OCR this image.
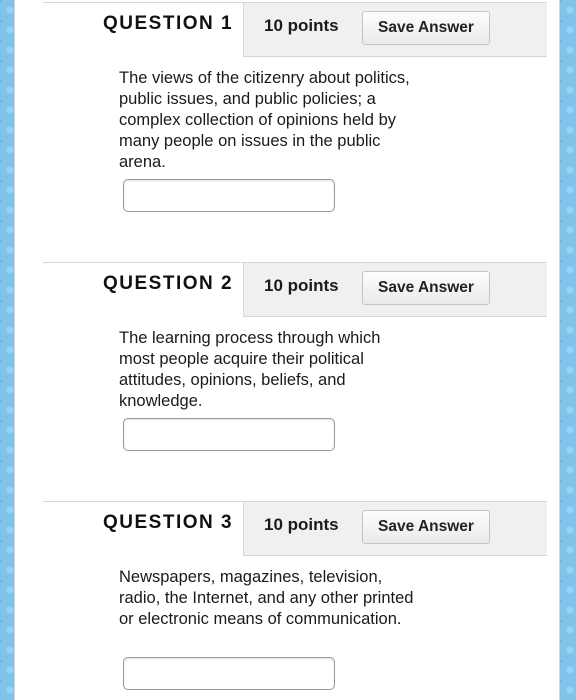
QUESTION 1 10 points	Save Answer
The views of the citizenry about politics, public issues, and public policies; a complex collection of opinions held by many people on issues in the public arena.
QUESTION 2 10 points	Save Answer
The learning process through which most people acquire their political attitudes, opinions, beliefs, and knowledge.
QUESTION 3 10 points	Save Answer
Newspapers, magazines, television, radio, the Internet, and any other printed or electronic means of communication.
